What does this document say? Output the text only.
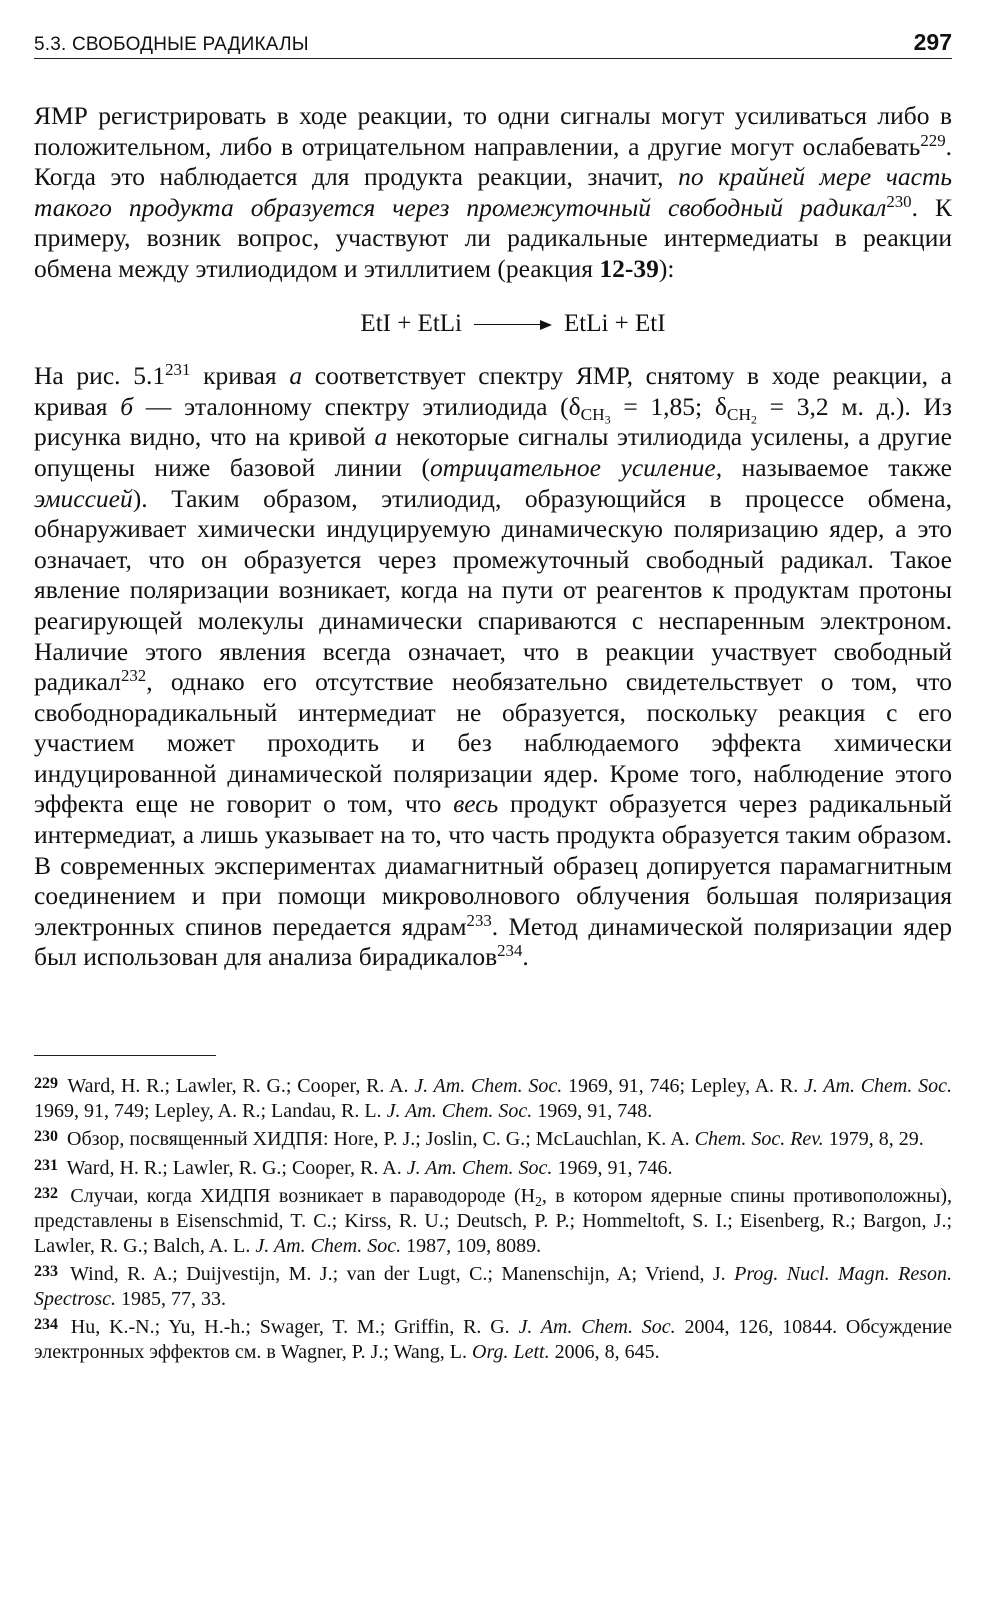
5.3. СВОБОДНЫЕ РАДИКАЛЫ	297

ЯМР регистрировать в ходе реакции, то одни сигналы могут усиливаться либо в положительном, либо в отрицательном направлении, а другие могут ослабевать$^{229}$. Когда это наблюдается для продукта реакции, значит, по крайней мере часть такого продукта образуется через промежуточный свободный радикал$^{230}$. К примеру, возник вопрос, участвуют ли радикальные интермедиаты в реакции обмена между этилиодидом и этиллитием (реакция 12-39):

EtI + EtLi	EtLi + EtI

На рис. $5.1^{231}$ кривая а соответствует спектру ЯМР, снятому в ходе реакции, а кривая б — эталонному спектру этилиодида ($\delta_{CH_3} = 1,85$; $\delta_{CH_2} = 3,2$ м. д.). Из рисунка видно, что на кривой а некоторые сигналы этилиодида усилены, а другие опущены ниже базовой линии (отрицательное усиление, называемое также эмиссией). Таким образом, этилиодид, образующийся в процессе обмена, обнаруживает химически индуцируемую динамическую поляризацию ядер, а это означает, что он образуется через промежуточный свободный радикал. Такое явление поляризации возникает, когда на пути от реагентов к продуктам протоны реагирующей молекулы динамически спариваются с неспаренным электроном. Наличие этого явления всегда означает, что в реакции участвует свободный радикал$^{232}$, однако его отсутствие необязательно свидетельствует о том, что свободнорадикальный интермедиат не образуется, поскольку реакция с его участием может проходить и без наблюдаемого эффекта химически индуцированной динамической поляризации ядер. Кроме того, наблюдение этого эффекта еще не говорит о том, что весь продукт образуется через радикальный интермедиат, а лишь указывает на то, что часть продукта образуется таким образом. В современных экспериментах диамагнитный образец допируется парамагнитным соединением и при помощи микроволнового облучения большая поляризация электронных спинов передается ядрам$^{233}$. Метод динамической поляризации ядер был использован для анализа бирадикалов$^{234}$.

$^{229}$ Ward, H. R.; Lawler, R. G.; Cooper, R. A. J. Am. Chem. Soc. 1969, 91, 746; Lepley, A. R. J. Am. Chem. Soc. 1969, 91, 749; Lepley, A. R.; Landau, R. L. J. Am. Chem. Soc. 1969, 91, 748.

$^{230}$ Обзор, посвященный ХИДПЯ: Hore, P. J.; Joslin, C. G.; McLauchlan, K. A. Chem. Soc. Rev. 1979, 8, 29.

$^{231}$ Ward, H. R.; Lawler, R. G.; Cooper, R. A. J. Am. Chem. Soc. 1969, 91, 746.

$^{232}$ Случаи, когда ХИДПЯ возникает в параводороде ($H_2$, в котором ядерные спины противоположны), представлены в Eisenschmid, T. C.; Kirss, R. U.; Deutsch, P. P.; Hommeltoft, S. I.; Eisenberg, R.; Bargon, J.; Lawler, R. G.; Balch, A. L. J. Am. Chem. Soc. 1987, 109, 8089.

$^{233}$ Wind, R. A.; Duijvestijn, M. J.; van der Lugt, C.; Manenschijn, A; Vriend, J. Prog. Nucl. Magn. Reson. Spectrosc. 1985, 77, 33.

$^{234}$ Hu, K.-N.; Yu, H.-h.; Swager, T. M.; Griffin, R. G. J. Am. Chem. Soc. 2004, 126, 10844. Обсуждение электронных эффектов см. в Wagner, P. J.; Wang, L. Org. Lett. 2006, 8, 645.
